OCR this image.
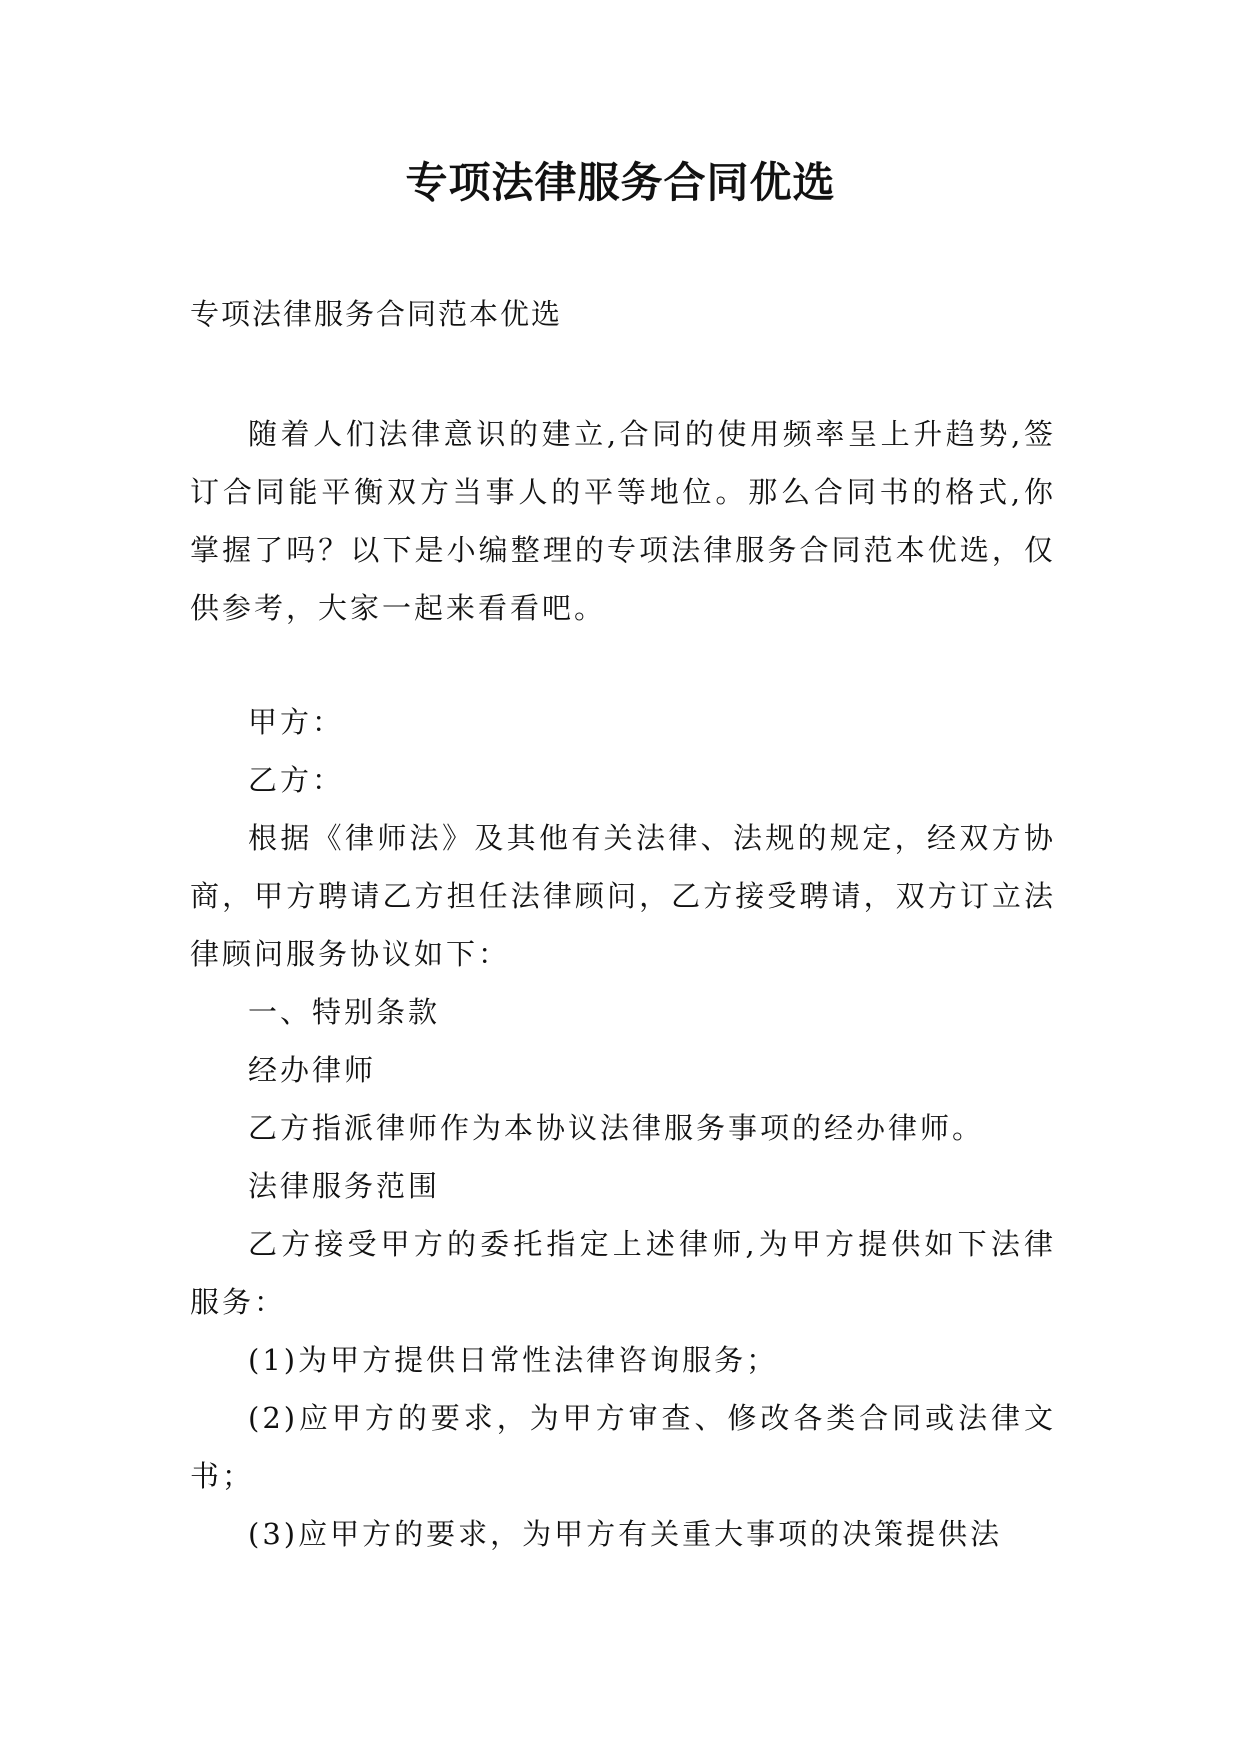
专项法律服务合同优选
专项法律服务合同范本优选

随着人们法律意识的建立,合同的使用频率呈上升趋势,签订合同能平衡双方当事人的平等地位。那么合同书的格式,你掌握了吗？以下是小编整理的专项法律服务合同范本优选，仅供参考，大家一起来看看吧。

甲方：

乙方：

根据《律师法》及其他有关法律、法规的规定，经双方协商，甲方聘请乙方担任法律顾问，乙方接受聘请，双方订立法律顾问服务协议如下：

一、特别条款

经办律师

乙方指派律师作为本协议法律服务事项的经办律师。

法律服务范围

乙方接受甲方的委托指定上述律师,为甲方提供如下法律服务：

(1)为甲方提供日常性法律咨询服务；

(2)应甲方的要求，为甲方审查、修改各类合同或法律文书；

(3)应甲方的要求，为甲方有关重大事项的决策提供法
